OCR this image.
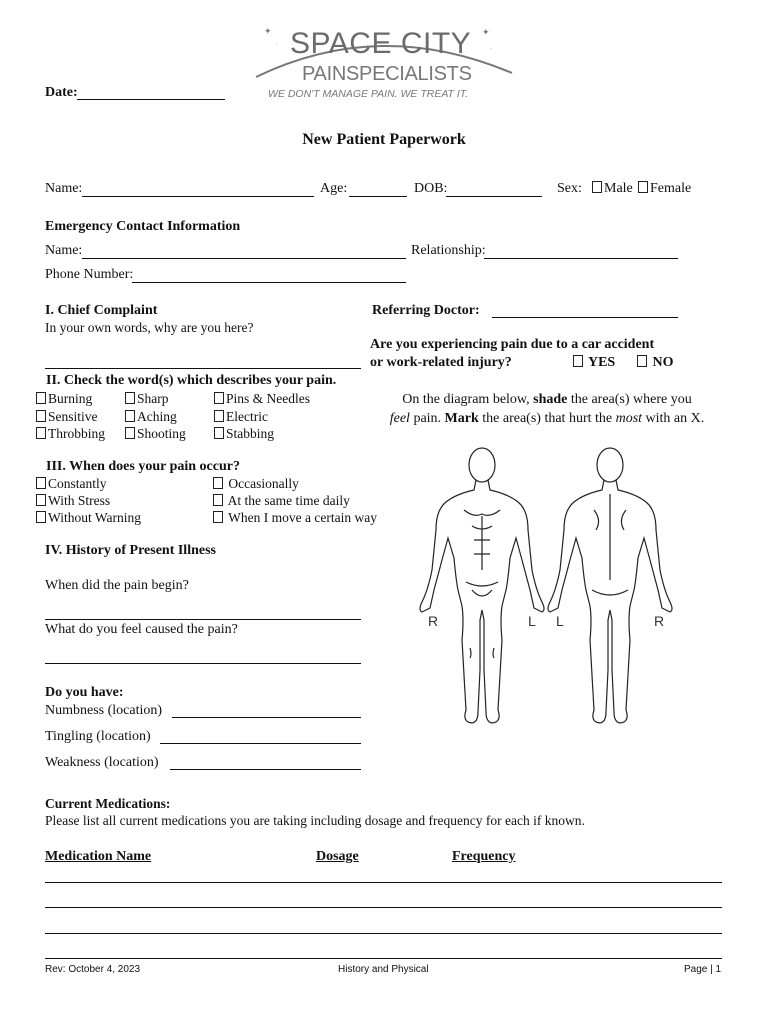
✦	✦
·
·
SPACE CITY
PAINSPECIALISTS
WE DON'T MANAGE PAIN. WE TREAT IT.
Date:
New Patient Paperwork
Name:	Age:	DOB:	Sex:	Male	Female
Emergency Contact Information
Name:	Relationship:
Phone Number:
I. Chief Complaint
In your own words, why are you here?
Referring Doctor:
Are you experiencing pain due to a car accident
or work-related injury?	YES	NO
II. Check the word(s) which describes your pain.
Burning
Sensitive
Throbbing
Sharp
Aching
Shooting
Pins & Needles
Electric
Stabbing
On the diagram below, shade the area(s) where you
feel pain. Mark the area(s) that hurt the most with an X.
R	L L	R
III. When does your pain occur?
Constantly
With Stress
Without Warning
Occasionally
At the same time daily
When I move a certain way
IV. History of Present Illness
When did the pain begin?
What do you feel caused the pain?
Do you have:
Numbness (location)
Tingling (location)
Weakness (location)
Current Medications:
Please list all current medications you are taking including dosage and frequency for each if known.
Medication Name	Dosage	Frequency
Rev: October 4, 2023	History and Physical	Page | 1
